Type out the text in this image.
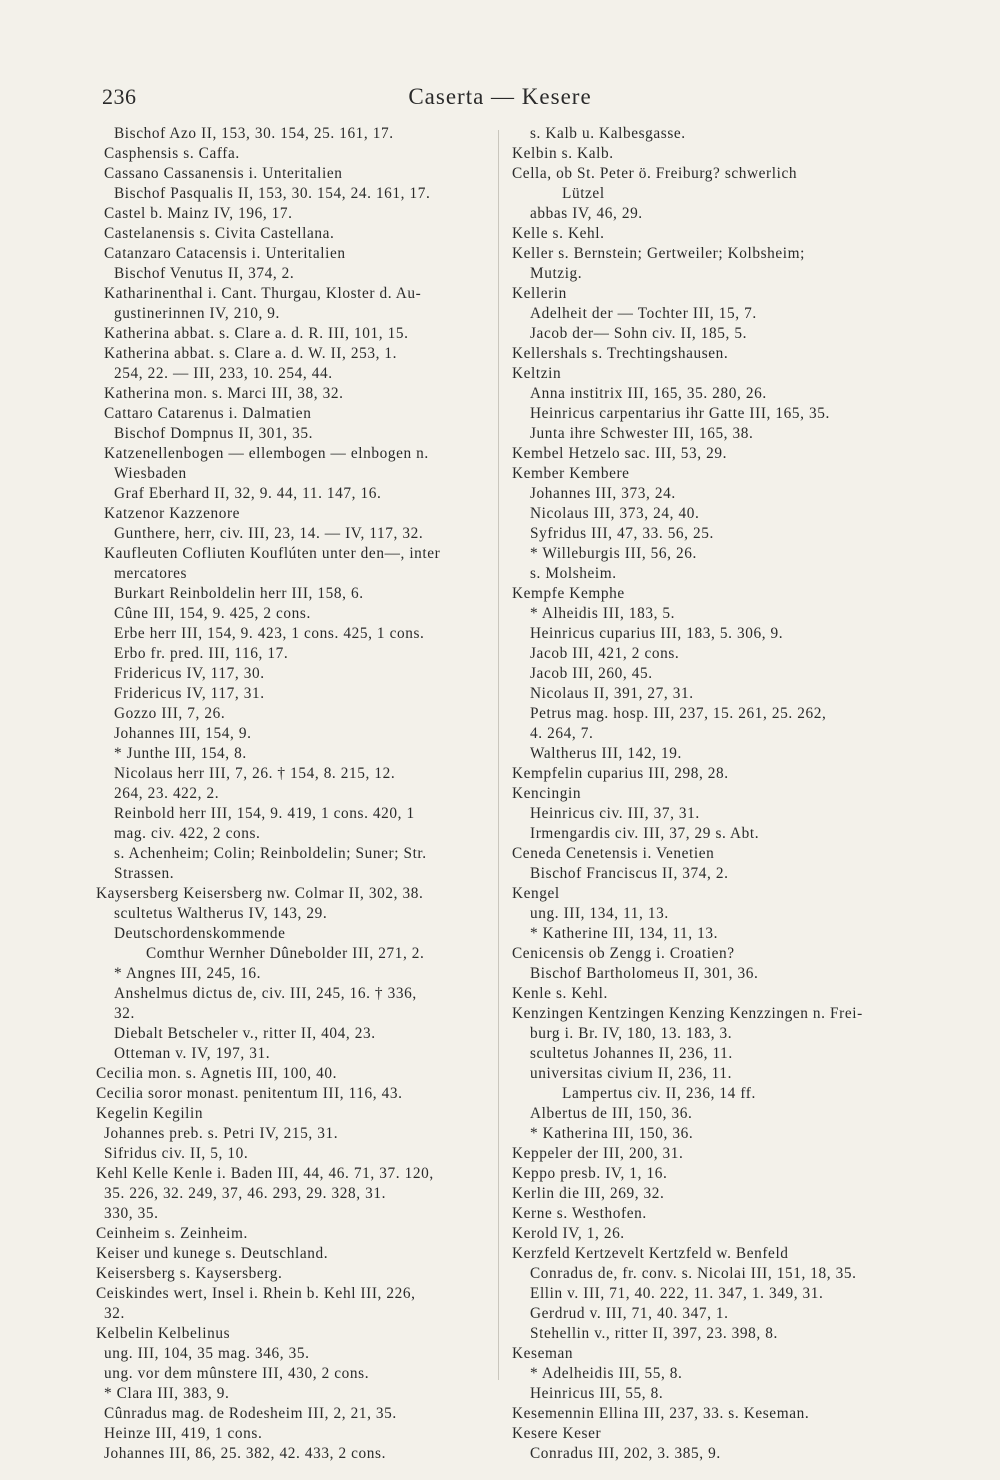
236	Caserta — Kesere
Bischof Azo II, 153, 30. 154, 25. 161, 17.
Casphensis s. Caffa.
Cassano Cassanensis i. Unteritalien
Bischof Pasqualis II, 153, 30. 154, 24. 161, 17.
Castel b. Mainz IV, 196, 17.
Castelanensis s. Civita Castellana.
Catanzaro Catacensis i. Unteritalien
Bischof Venutus II, 374, 2.
Katharinenthal i. Cant. Thurgau, Kloster d. Au-
gustinerinnen IV, 210, 9.
Katherina abbat. s. Clare a. d. R. III, 101, 15.
Katherina abbat. s. Clare a. d. W. II, 253, 1.
254, 22. — III, 233, 10. 254, 44.
Katherina mon. s. Marci III, 38, 32.
Cattaro Catarenus i. Dalmatien
Bischof Dompnus II, 301, 35.
Katzenellenbogen — ellembogen — elnbogen n.
Wiesbaden
Graf Eberhard II, 32, 9. 44, 11. 147, 16.
Katzenor Kazzenore
Gunthere, herr, civ. III, 23, 14. — IV, 117, 32.
Kaufleuten Cofliuten Kouflúten unter den—, inter
mercatores
Burkart Reinboldelin herr III, 158, 6.
Cûne III, 154, 9. 425, 2 cons.
Erbe herr III, 154, 9. 423, 1 cons. 425, 1 cons.
Erbo fr. pred. III, 116, 17.
Fridericus IV, 117, 30.
Fridericus IV, 117, 31.
Gozzo III, 7, 26.
Johannes III, 154, 9.
* Junthe III, 154, 8.
Nicolaus herr III, 7, 26. † 154, 8. 215, 12.
264, 23. 422, 2.
Reinbold herr III, 154, 9. 419, 1 cons. 420, 1
mag. civ. 422, 2 cons.
s. Achenheim; Colin; Reinboldelin; Suner; Str.
Strassen.
Kaysersberg Keisersberg nw. Colmar II, 302, 38.
scultetus Waltherus IV, 143, 29.
Deutschordenskommende
Comthur Wernher Dûnebolder III, 271, 2.
* Angnes III, 245, 16.
Anshelmus dictus de, civ. III, 245, 16. † 336,
32.
Diebalt Betscheler v., ritter II, 404, 23.
Otteman v. IV, 197, 31.
Cecilia mon. s. Agnetis III, 100, 40.
Cecilia soror monast. penitentum III, 116, 43.
Kegelin Kegilin
Johannes preb. s. Petri IV, 215, 31.
Sifridus civ. II, 5, 10.
Kehl Kelle Kenle i. Baden III, 44, 46. 71, 37. 120,
35. 226, 32. 249, 37, 46. 293, 29. 328, 31.
330, 35.
Ceinheim s. Zeinheim.
Keiser und kunege s. Deutschland.
Keisersberg s. Kaysersberg.
Ceiskindes wert, Insel i. Rhein b. Kehl III, 226,
32.
Kelbelin Kelbelinus
ung. III, 104, 35 mag. 346, 35.
ung. vor dem mûnstere III, 430, 2 cons.
* Clara III, 383, 9.
Cûnradus mag. de Rodesheim III, 2, 21, 35.
Heinze III, 419, 1 cons.
Johannes III, 86, 25. 382, 42. 433, 2 cons.
s. Kalb u. Kalbesgasse.
Kelbin s. Kalb.
Cella, ob St. Peter ö. Freiburg? schwerlich
Lützel
abbas IV, 46, 29.
Kelle s. Kehl.
Keller s. Bernstein; Gertweiler; Kolbsheim;
Mutzig.
Kellerin
Adelheit der — Tochter III, 15, 7.
Jacob der— Sohn civ. II, 185, 5.
Kellershals s. Trechtingshausen.
Keltzin
Anna institrix III, 165, 35. 280, 26.
Heinricus carpentarius ihr Gatte III, 165, 35.
Junta ihre Schwester III, 165, 38.
Kembel Hetzelo sac. III, 53, 29.
Kember Kembere
Johannes III, 373, 24.
Nicolaus III, 373, 24, 40.
Syfridus III, 47, 33. 56, 25.
* Willeburgis III, 56, 26.
s. Molsheim.
Kempfe Kemphe
* Alheidis III, 183, 5.
Heinricus cuparius III, 183, 5. 306, 9.
Jacob III, 421, 2 cons.
Jacob III, 260, 45.
Nicolaus II, 391, 27, 31.
Petrus mag. hosp. III, 237, 15. 261, 25. 262,
4. 264, 7.
Waltherus III, 142, 19.
Kempfelin cuparius III, 298, 28.
Kencingin
Heinricus civ. III, 37, 31.
Irmengardis civ. III, 37, 29 s. Abt.
Ceneda Cenetensis i. Venetien
Bischof Franciscus II, 374, 2.
Kengel
ung. III, 134, 11, 13.
* Katherine III, 134, 11, 13.
Cenicensis ob Zengg i. Croatien?
Bischof Bartholomeus II, 301, 36.
Kenle s. Kehl.
Kenzingen Kentzingen Kenzing Kenzzingen n. Frei-
burg i. Br. IV, 180, 13. 183, 3.
scultetus Johannes II, 236, 11.
universitas civium II, 236, 11.
Lampertus civ. II, 236, 14 ff.
Albertus de III, 150, 36.
* Katherina III, 150, 36.
Keppeler der III, 200, 31.
Keppo presb. IV, 1, 16.
Kerlin die III, 269, 32.
Kerne s. Westhofen.
Kerold IV, 1, 26.
Kerzfeld Kertzevelt Kertzfeld w. Benfeld
Conradus de, fr. conv. s. Nicolai III, 151, 18, 35.
Ellin v. III, 71, 40. 222, 11. 347, 1. 349, 31.
Gerdrud v. III, 71, 40. 347, 1.
Stehellin v., ritter II, 397, 23. 398, 8.
Keseman
* Adelheidis III, 55, 8.
Heinricus III, 55, 8.
Kesemennin Ellina III, 237, 33. s. Keseman.
Kesere Keser
Conradus III, 202, 3. 385, 9.
